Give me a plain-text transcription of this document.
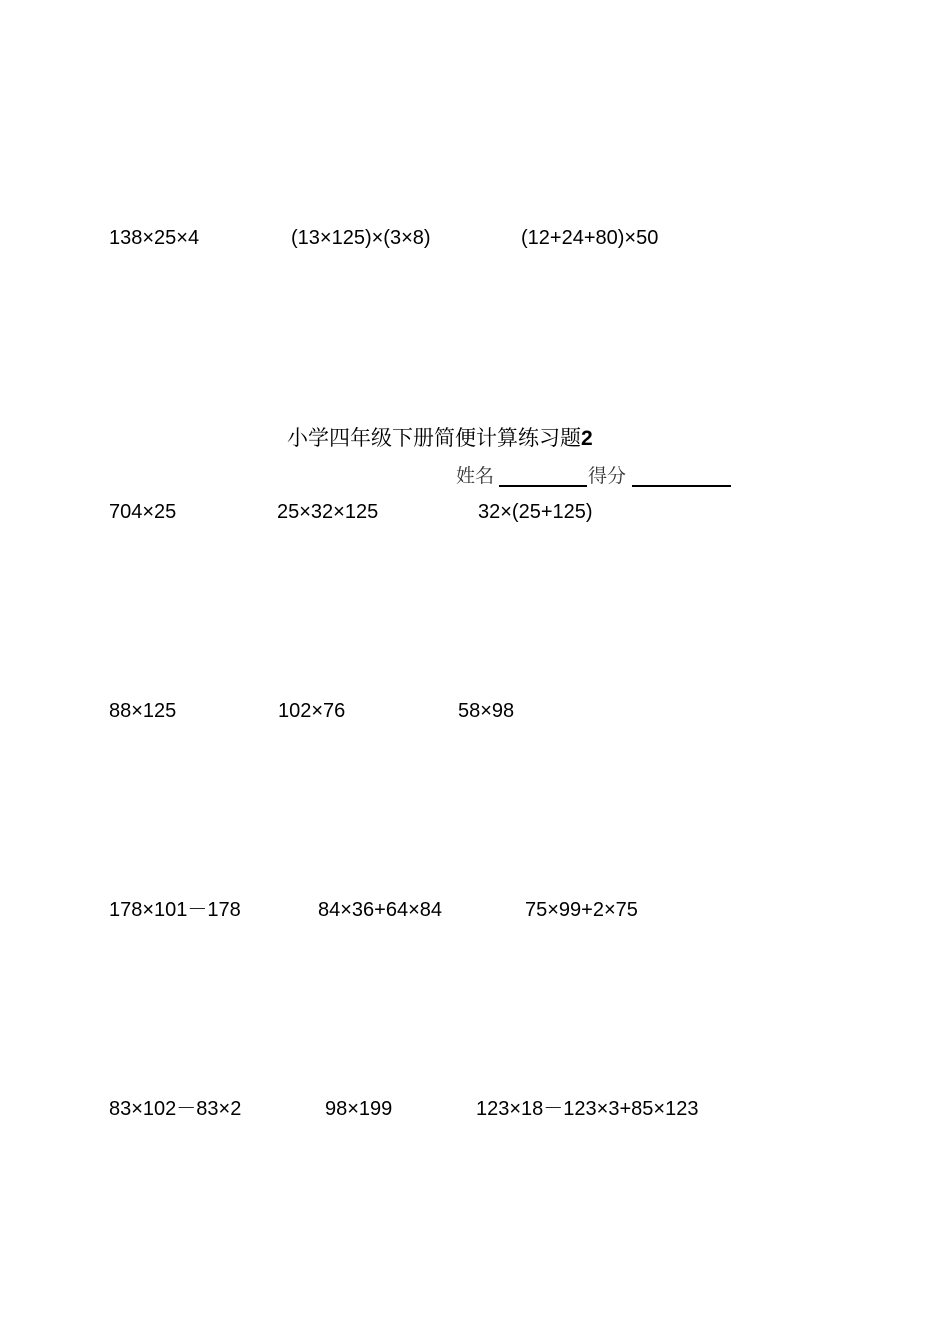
138×25×4	(13×125)×(3×8)	(12+24+80)×50
小学四年级下册简便计算练习题2
姓名	得分
704×25	25×32×125	32×(25+125)
88×125	102×76	58×98
178×101－178	84×36+64×84	75×99+2×75
83×102－83×2	98×199	123×18－123×3+85×123
